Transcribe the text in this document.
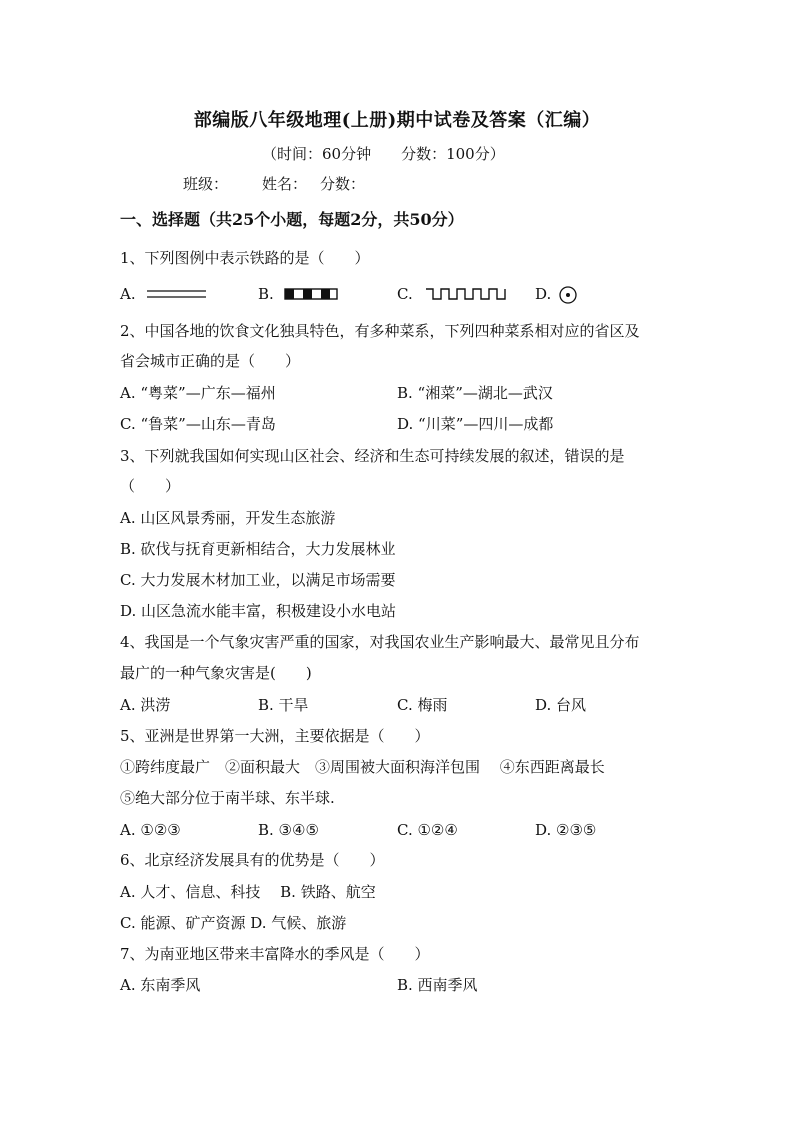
部编版八年级地理(上册)期中试卷及答案（汇编）
（时间：60分钟　　分数：100分）
班级： 姓名： 分数：
一、选择题（共25个小题，每题2分，共50分）
1、下列图例中表示铁路的是（　　）
A.	B.	C.	D.
2、中国各地的饮食文化独具特色，有多种菜系，下列四种菜系相对应的省区及
省会城市正确的是（　　）
A. “粤菜”—广东—福州	B. “湘菜”—湖北—武汉
C. “鲁菜”—山东—青岛	D. “川菜”—四川—成都
3、下列就我国如何实现山区社会、经济和生态可持续发展的叙述，错误的是
（　　）
A. 山区风景秀丽，开发生态旅游
B. 砍伐与抚育更新相结合，大力发展林业
C. 大力发展木材加工业，以满足市场需要
D. 山区急流水能丰富，积极建设小水电站
4、我国是一个气象灾害严重的国家，对我国农业生产影响最大、最常见且分布
最广的一种气象灾害是(　　)
A. 洪涝	B. 干旱	C. 梅雨	D. 台风
5、亚洲是世界第一大洲，主要依据是（　　）
①跨纬度最广　②面积最大　③周围被大面积海洋包围　 ④东西距离最长
⑤绝大部分位于南半球、东半球.
A. ①②③	B. ③④⑤	C. ①②④	D. ②③⑤
6、北京经济发展具有的优势是（　　）
A. 人才、信息、科技　 B. 铁路、航空
C. 能源、矿产资源 D. 气候、旅游
7、为南亚地区带来丰富降水的季风是（　　）
A. 东南季风	B. 西南季风
